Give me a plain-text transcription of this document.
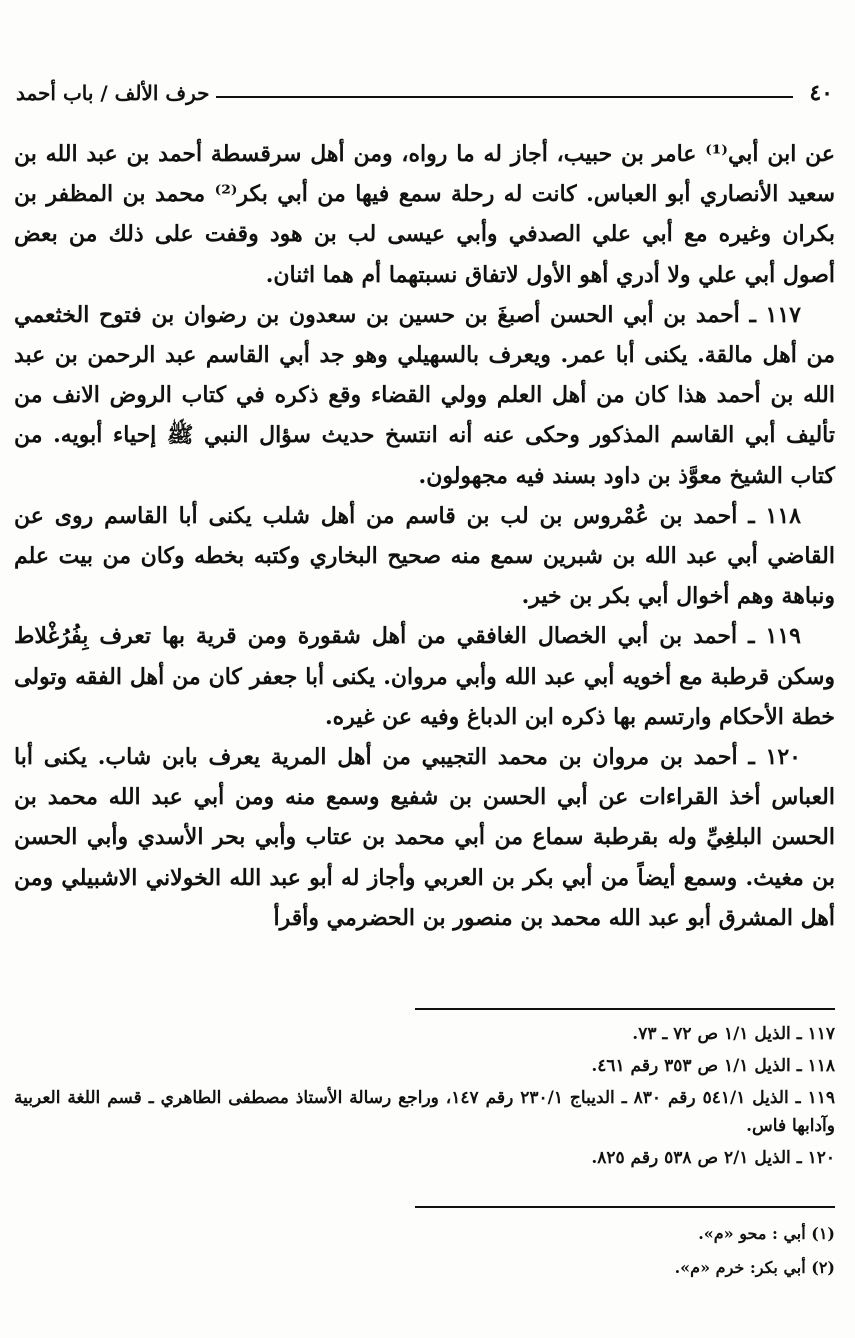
٤٠
حرف الألف / باب أحمد

عن ابن أبي⁽¹⁾ عامر بن حبيب، أجاز له ما رواه، ومن أهل سرقسطة أحمد بن عبد الله بن سعيد الأنصاري أبو العباس. كانت له رحلة سمع فيها من أبي بكر⁽²⁾ محمد بن المظفر بن بكران وغيره مع أبي علي الصدفي وأبي عيسى لب بن هود وقفت على ذلك من بعض أصول أبي علي ولا أدري أهو الأول لاتفاق نسبتهما أم هما اثنان.

١١٧ ـ أحمد بن أبي الحسن أصبغَ بن حسين بن سعدون بن رضوان بن فتوح الخثعمي من أهل مالقة. يكنى أبا عمر. ويعرف بالسهيلي وهو جد أبي القاسم عبد الرحمن بن عبد الله بن أحمد هذا كان من أهل العلم وولي القضاء وقع ذكره في كتاب الروض الانف من تأليف أبي القاسم المذكور وحكى عنه أنه انتسخ حديث سؤال النبي ﷺ إحياء أبويه. من كتاب الشيخ معوَّذ بن داود بسند فيه مجهولون.

١١٨ ـ أحمد بن عُمْروس بن لب بن قاسم من أهل شلب يكنى أبا القاسم روى عن القاضي أبي عبد الله بن شبرين سمع منه صحيح البخاري وكتبه بخطه وكان من بيت علم ونباهة وهم أخوال أبي بكر بن خير.

١١٩ ـ أحمد بن أبي الخصال الغافقي من أهل شقورة ومن قرية بها تعرف بِفُرُغْلاط وسكن قرطبة مع أخويه أبي عبد الله وأبي مروان. يكنى أبا جعفر كان من أهل الفقه وتولى خطة الأحكام وارتسم بها ذكره ابن الدباغ وفيه عن غيره.

١٢٠ ـ أحمد بن مروان بن محمد التجيبي من أهل المرية يعرف بابن شاب. يكنى أبا العباس أخذ القراءات عن أبي الحسن بن شفيع وسمع منه ومن أبي عبد الله محمد بن الحسن البلغِيِّ وله بقرطبة سماع من أبي محمد بن عتاب وأبي بحر الأسدي وأبي الحسن بن مغيث. وسمع أيضاً من أبي بكر بن العربي وأجاز له أبو عبد الله الخولاني الاشبيلي ومن أهل المشرق أبو عبد الله محمد بن منصور بن الحضرمي وأقرأ

١١٧ ـ الذيل ١/١ ص ٧٢ ـ ٧٣.

١١٨ ـ الذيل ١/١ ص ٣٥٣ رقم ٤٦١.

١١٩ ـ الذيل ٥٤١/١ رقم ٨٣٠ ـ الديباج ٢٣٠/١ رقم ١٤٧، وراجع رسالة الأستاذ مصطفى الطاهري ـ قسم اللغة العربية وآدابها فاس.

١٢٠ ـ الذيل ٢/١ ص ٥٣٨ رقم ٨٢٥.

(١) أبي : محو «م».

(٢) أبي بكر: خرم «م».
